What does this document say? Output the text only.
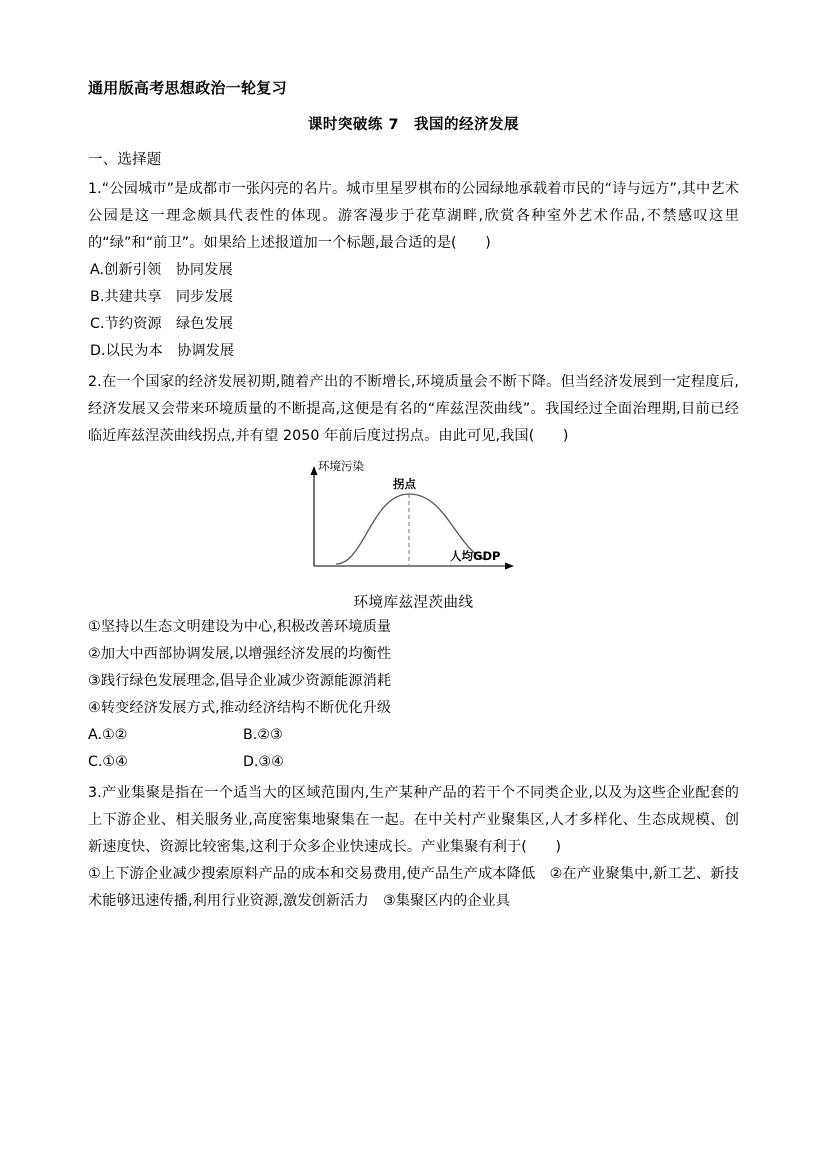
通用版高考思想政治一轮复习
课时突破练 7　我国的经济发展
一、选择题
1.“公园城市”是成都市一张闪亮的名片。城市里星罗棋布的公园绿地承载着市民的“诗与远方”,其中艺术公园是这一理念颇具代表性的体现。游客漫步于花草湖畔,欣赏各种室外艺术作品,不禁感叹这里的“绿”和“前卫”。如果给上述报道加一个标题,最合适的是(　　)
A.创新引领　协同发展
B.共建共享　同步发展
C.节约资源　绿色发展
D.以民为本　协调发展
2.在一个国家的经济发展初期,随着产出的不断增长,环境质量会不断下降。但当经济发展到一定程度后,经济发展又会带来环境质量的不断提高,这便是有名的“库兹涅茨曲线”。我国经过全面治理期,目前已经临近库兹涅茨曲线拐点,并有望 2050 年前后度过拐点。由此可见,我国(　　)
环境污染
拐点
人均GDP
环境库兹涅茨曲线
①坚持以生态文明建设为中心,积极改善环境质量
②加大中西部协调发展,以增强经济发展的均衡性
③践行绿色发展理念,倡导企业减少资源能源消耗
④转变经济发展方式,推动经济结构不断优化升级
A.①②	B.②③
C.①④	D.③④
3.产业集聚是指在一个适当大的区域范围内,生产某种产品的若干个不同类企业,以及为这些企业配套的上下游企业、相关服务业,高度密集地聚集在一起。在中关村产业聚集区,人才多样化、生态成规模、创新速度快、资源比较密集,这利于众多企业快速成长。产业集聚有利于(　　)
①上下游企业减少搜索原料产品的成本和交易费用,使产品生产成本降低　②在产业聚集中,新工艺、新技术能够迅速传播,利用行业资源,激发创新活力　③集聚区内的企业具
